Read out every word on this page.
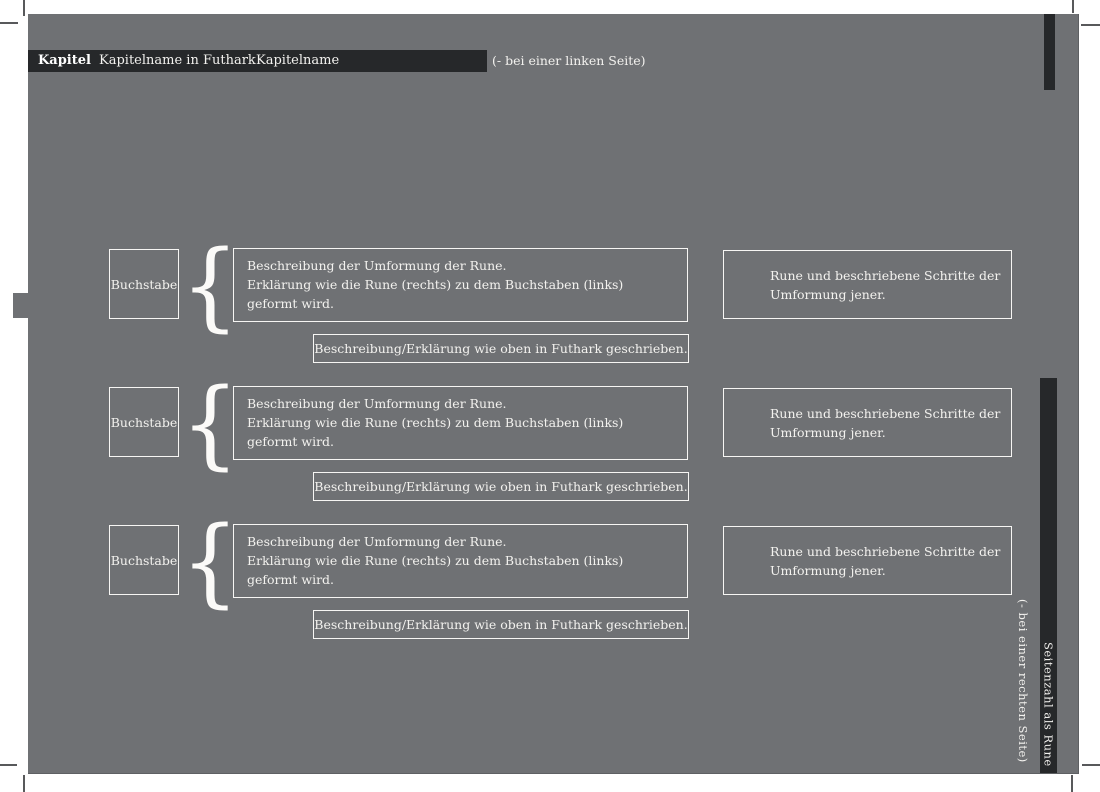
Kapitel Kapitelname in Futhark Kapitelname	(- bei einer linken Seite)
Buchstabe { Beschreibung der Umformung der Rune.
Erklärung wie die Rune (rechts) zu dem Buchstaben (links)
geformt wird.
Rune und beschriebene Schritte der
Umformung jener.
Beschreibung/Erklärung wie oben in Futhark geschrieben.
Buchstabe { Beschreibung der Umformung der Rune.
Erklärung wie die Rune (rechts) zu dem Buchstaben (links)
geformt wird.
Rune und beschriebene Schritte der
Umformung jener.
Beschreibung/Erklärung wie oben in Futhark geschrieben.
Buchstabe { Beschreibung der Umformung der Rune.
Erklärung wie die Rune (rechts) zu dem Buchstaben (links)
geformt wird.
Rune und beschriebene Schritte der
Umformung jener.
Beschreibung/Erklärung wie oben in Futhark geschrieben.	(- bei einer rechten Seite) Seitenzahl als Rune
